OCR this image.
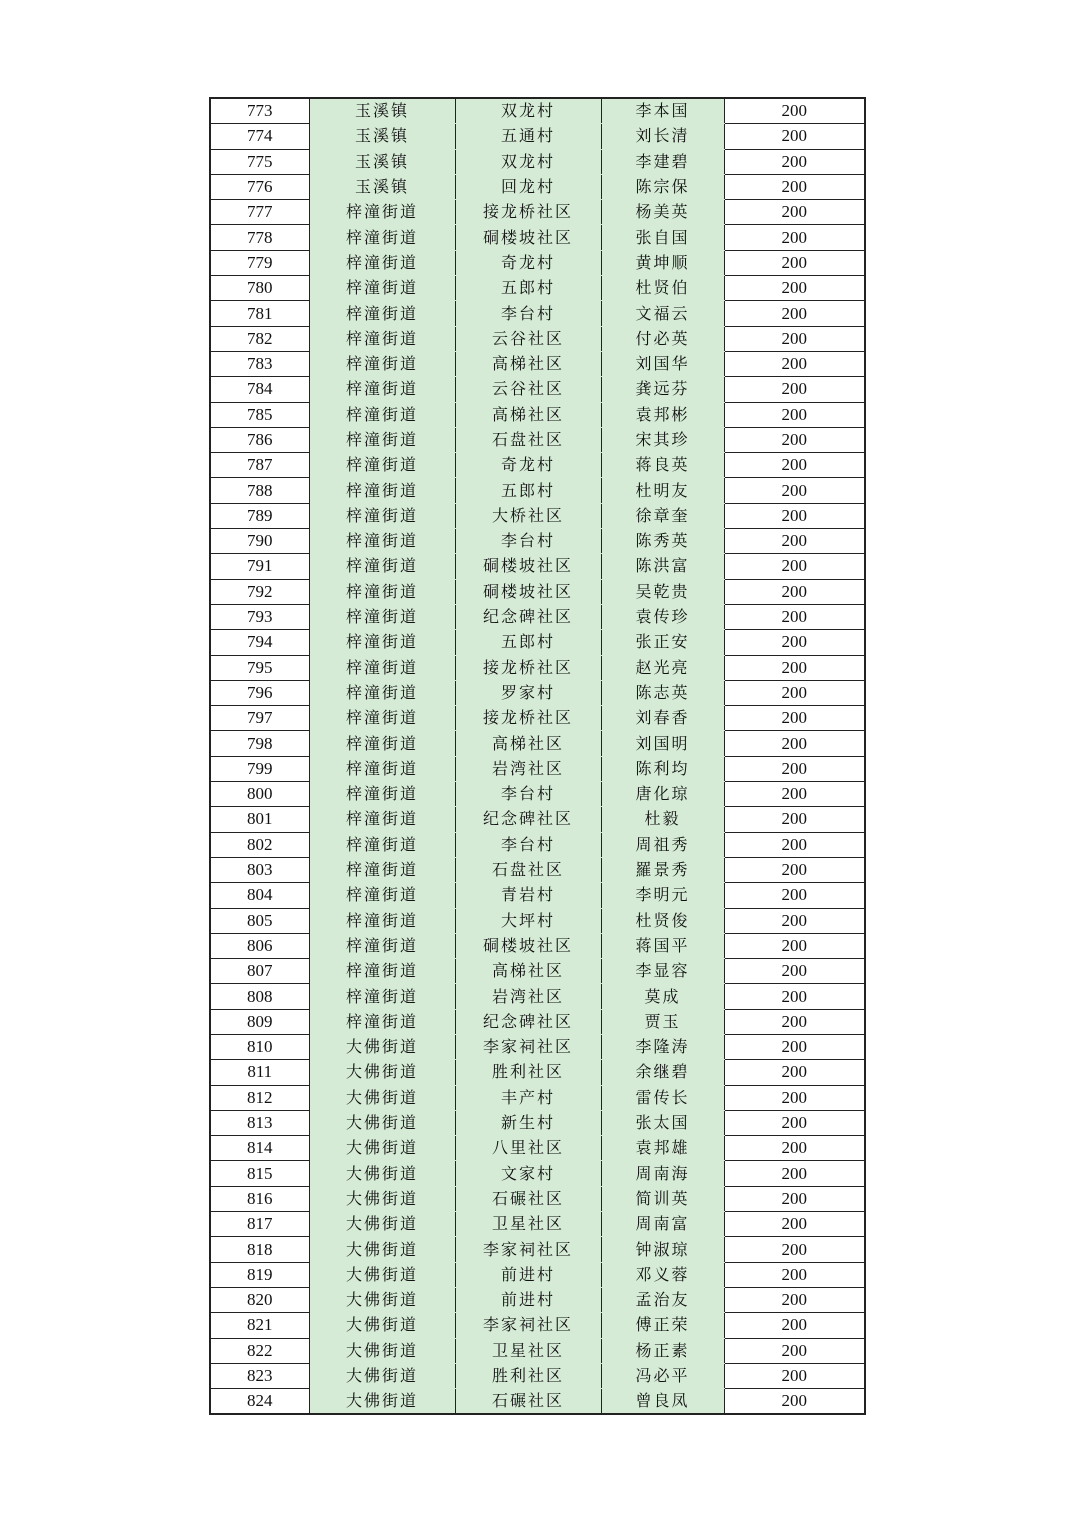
773	玉溪镇	双龙村	李本国	200
774	玉溪镇	五通村	刘长清	200
775	玉溪镇	双龙村	李建碧	200
776	玉溪镇	回龙村	陈宗保	200
777	梓潼街道	接龙桥社区	杨美英	200
778	梓潼街道	硐楼坡社区	张自国	200
779	梓潼街道	奇龙村	黄坤顺	200
780	梓潼街道	五郎村	杜贤伯	200
781	梓潼街道	李台村	文福云	200
782	梓潼街道	云谷社区	付必英	200
783	梓潼街道	高梯社区	刘国华	200
784	梓潼街道	云谷社区	龚远芬	200
785	梓潼街道	高梯社区	袁邦彬	200
786	梓潼街道	石盘社区	宋其珍	200
787	梓潼街道	奇龙村	蒋良英	200
788	梓潼街道	五郎村	杜明友	200
789	梓潼街道	大桥社区	徐章奎	200
790	梓潼街道	李台村	陈秀英	200
791	梓潼街道	硐楼坡社区	陈洪富	200
792	梓潼街道	硐楼坡社区	吴乾贵	200
793	梓潼街道	纪念碑社区	袁传珍	200
794	梓潼街道	五郎村	张正安	200
795	梓潼街道	接龙桥社区	赵光亮	200
796	梓潼街道	罗家村	陈志英	200
797	梓潼街道	接龙桥社区	刘春香	200
798	梓潼街道	高梯社区	刘国明	200
799	梓潼街道	岩湾社区	陈利均	200
800	梓潼街道	李台村	唐化琼	200
801	梓潼街道	纪念碑社区	杜毅	200
802	梓潼街道	李台村	周祖秀	200
803	梓潼街道	石盘社区	羅景秀	200
804	梓潼街道	青岩村	李明元	200
805	梓潼街道	大坪村	杜贤俊	200
806	梓潼街道	硐楼坡社区	蒋国平	200
807	梓潼街道	高梯社区	李显容	200
808	梓潼街道	岩湾社区	莫成	200
809	梓潼街道	纪念碑社区	贾玉	200
810	大佛街道	李家祠社区	李隆涛	200
811	大佛街道	胜利社区	余继碧	200
812	大佛街道	丰产村	雷传长	200
813	大佛街道	新生村	张太国	200
814	大佛街道	八里社区	袁邦雄	200
815	大佛街道	文家村	周南海	200
816	大佛街道	石碾社区	简训英	200
817	大佛街道	卫星社区	周南富	200
818	大佛街道	李家祠社区	钟淑琼	200
819	大佛街道	前进村	邓义蓉	200
820	大佛街道	前进村	孟治友	200
821	大佛街道	李家祠社区	傅正荣	200
822	大佛街道	卫星社区	杨正素	200
823	大佛街道	胜利社区	冯必平	200
824	大佛街道	石碾社区	曾良凤	200
